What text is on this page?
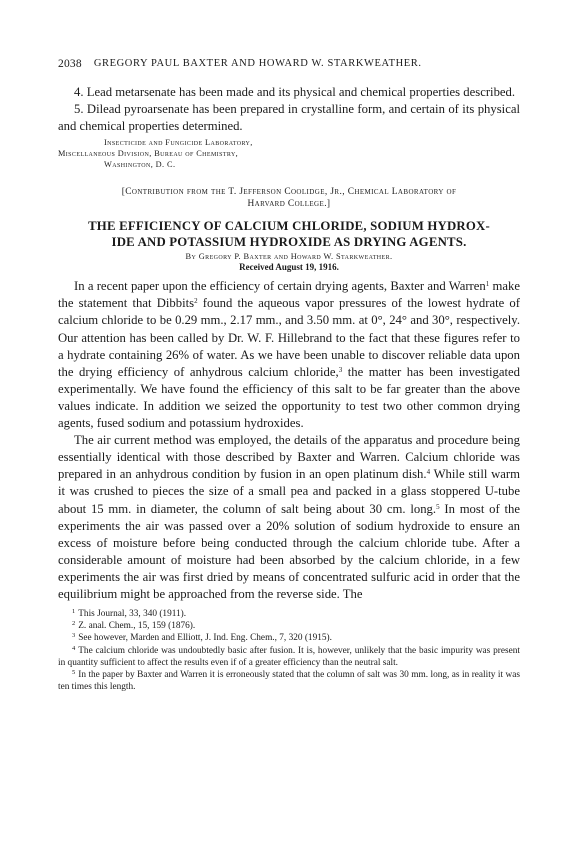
2038 GREGORY PAUL BAXTER AND HOWARD W. STARKWEATHER.

4. Lead metarsenate has been made and its physical and chemical properties described.

5. Dilead pyroarsenate has been prepared in crystalline form, and certain of its physical and chemical properties determined.

Insecticide and Fungicide Laboratory,
Miscellaneous Division, Bureau of Chemistry,
Washington, D. C.
[Contribution from the T. Jefferson Coolidge, Jr., Chemical Laboratory of
Harvard College.]
THE EFFICIENCY OF CALCIUM CHLORIDE, SODIUM HYDROX-
IDE AND POTASSIUM HYDROXIDE AS DRYING AGENTS.
By Gregory P. Baxter and Howard W. Starkweather.
Received August 19, 1916.

In a recent paper upon the efficiency of certain drying agents, Baxter and Warren$^1$ make the statement that Dibbits$^2$ found the aqueous vapor pressures of the lowest hydrate of calcium chloride to be 0.29 mm., 2.17 mm., and 3.50 mm. at 0°, 24° and 30°, respectively. Our attention has been called by Dr. W. F. Hillebrand to the fact that these figures refer to a hydrate containing 26% of water. As we have been unable to discover reliable data upon the drying efficiency of anhydrous calcium chloride,$^3$ the matter has been investigated experimentally. We have found the efficiency of this salt to be far greater than the above values indicate. In addition we seized the opportunity to test two other common drying agents, fused sodium and potassium hydroxides.

The air current method was employed, the details of the apparatus and procedure being essentially identical with those described by Baxter and Warren. Calcium chloride was prepared in an anhydrous condition by fusion in an open platinum dish.$^4$ While still warm it was crushed to pieces the size of a small pea and packed in a glass stoppered U-tube about 15 mm. in diameter, the column of salt being about 30 cm. long.$^5$ In most of the experiments the air was passed over a 20% solution of sodium hydroxide to ensure an excess of moisture before being conducted through the calcium chloride tube. After a considerable amount of moisture had been absorbed by the calcium chloride, in a few experiments the air was first dried by means of concentrated sulfuric acid in order that the equilibrium might be approached from the reverse side. The

$^1$ This Journal, 33, 340 (1911).
$^2$ Z. anal. Chem., 15, 159 (1876).
$^3$ See however, Marden and Elliott, J. Ind. Eng. Chem., 7, 320 (1915).
$^4$ The calcium chloride was undoubtedly basic after fusion. It is, however, unlikely that the basic impurity was present in quantity sufficient to affect the results even if of a greater efficiency than the neutral salt.
$^5$ In the paper by Baxter and Warren it is erroneously stated that the column of salt was 30 mm. long, as in reality it was ten times this length.
